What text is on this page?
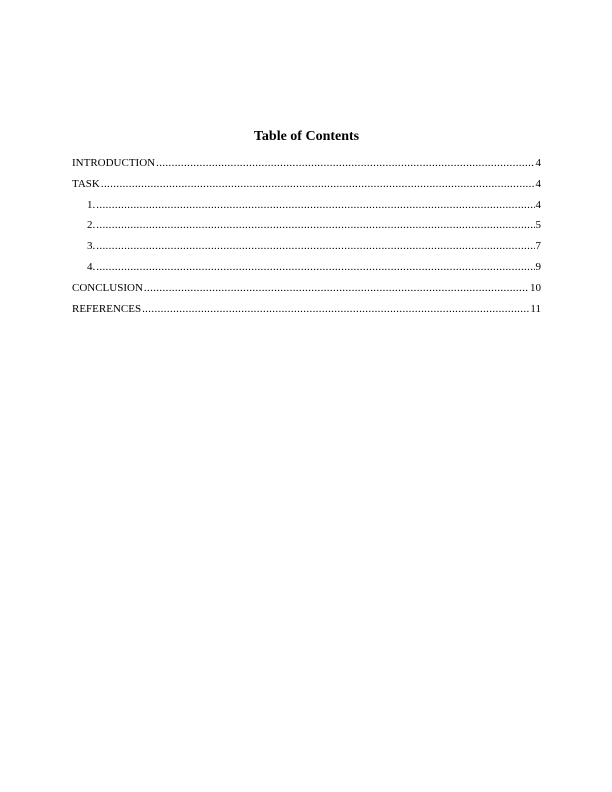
Table of Contents
INTRODUCTION .....	4
TASK .....	4
1. .....	4
2. .....	5
3. .....	7
4. .....	9
CONCLUSION .....	10
REFERENCES .....	11
